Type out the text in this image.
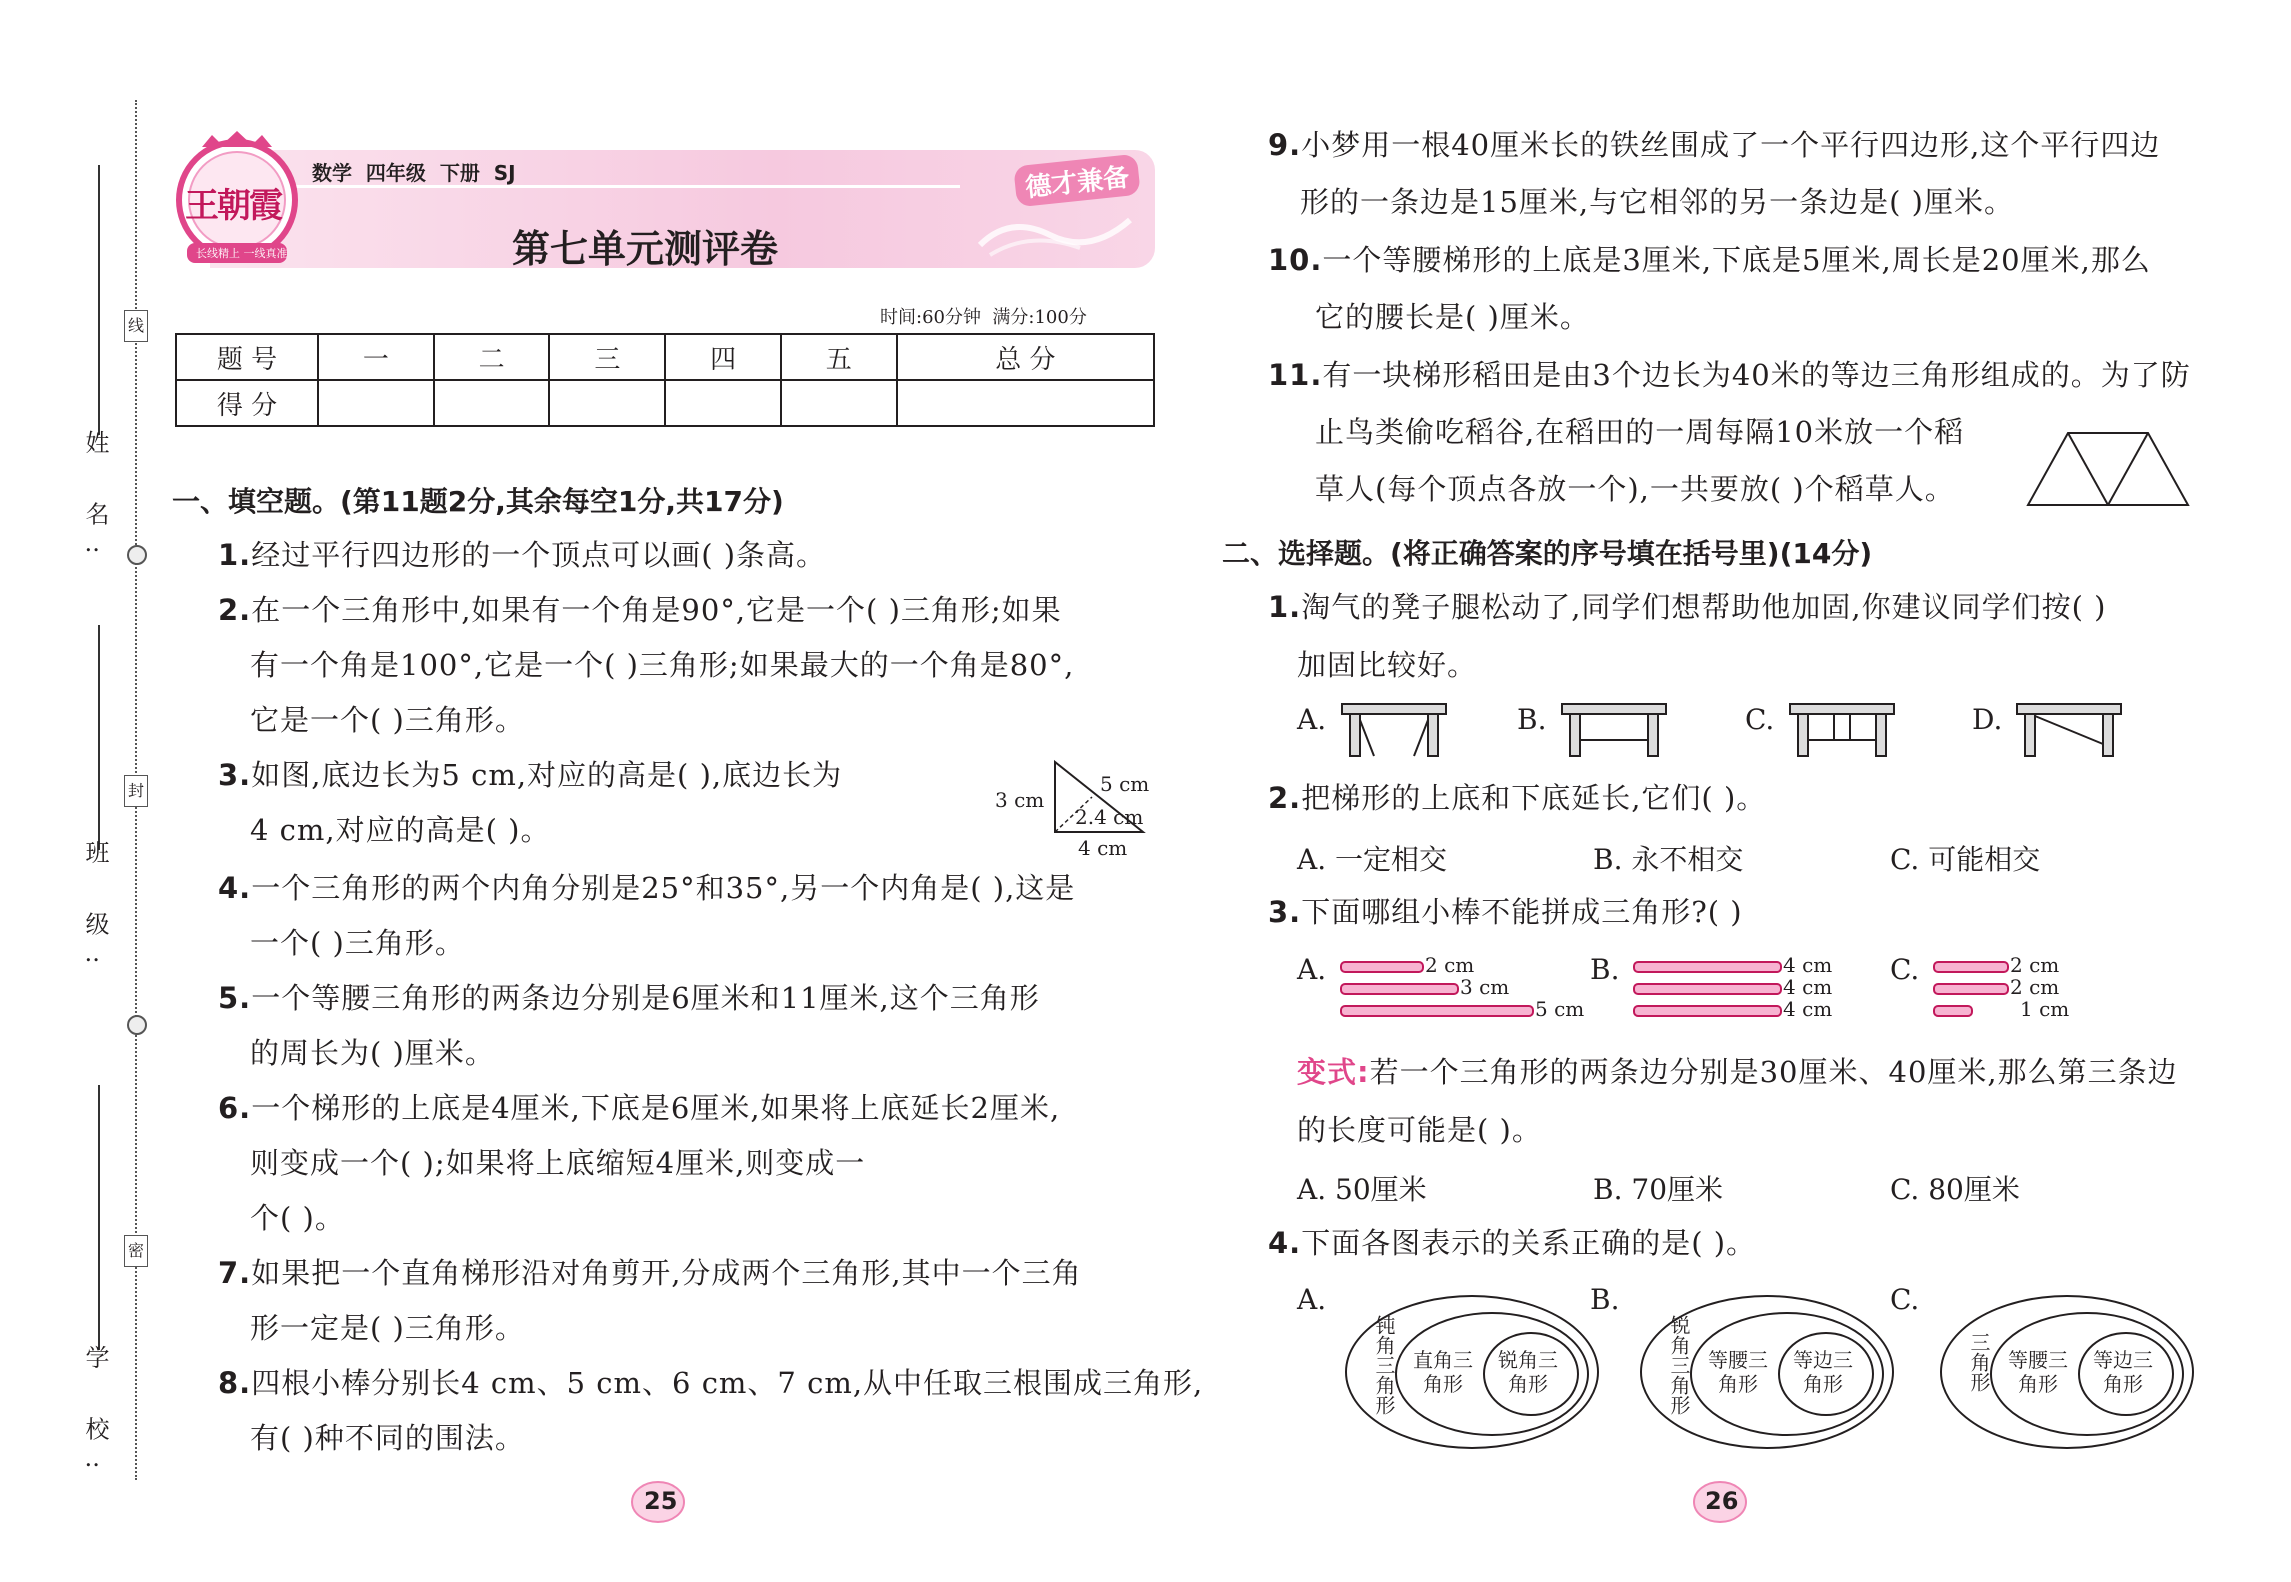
姓 名:
班 级:
学 校:
线
封
密
王朝霞
长线精上 一线真准
数学  四年级  下册  SJ	德才兼备
第七单元测评卷
时间:60分钟  满分:100分
题 号	一	二	三	四	五	总 分
得 分						
一、填空题。(第11题2分,其余每空1分,共17分)
1.经过平行四边形的一个顶点可以画( )条高。
2.在一个三角形中,如果有一个角是90°,它是一个( )三角形;如果
有一个角是100°,它是一个( )三角形;如果最大的一个角是80°,
它是一个( )三角形。
3.如图,底边长为5 cm,对应的高是( ),底边长为
4 cm,对应的高是( )。
3 cm
5 cm
2.4 cm
4 cm
4.一个三角形的两个内角分别是25°和35°,另一个内角是( ),这是
一个( )三角形。
5.一个等腰三角形的两条边分别是6厘米和11厘米,这个三角形
的周长为( )厘米。
6.一个梯形的上底是4厘米,下底是6厘米,如果将上底延长2厘米,
则变成一个( );如果将上底缩短4厘米,则变成一
个( )。
7.如果把一个直角梯形沿对角剪开,分成两个三角形,其中一个三角
形一定是( )三角形。
8.四根小棒分别长4 cm、5 cm、6 cm、7 cm,从中任取三根围成三角形,
有( )种不同的围法。
9.小梦用一根40厘米长的铁丝围成了一个平行四边形,这个平行四边
形的一条边是15厘米,与它相邻的另一条边是( )厘米。
10.一个等腰梯形的上底是3厘米,下底是5厘米,周长是20厘米,那么
它的腰长是( )厘米。
11.有一块梯形稻田是由3个边长为40米的等边三角形组成的。为了防
止鸟类偷吃稻谷,在稻田的一周每隔10米放一个稻
草人(每个顶点各放一个),一共要放( )个稻草人。
二、选择题。(将正确答案的序号填在括号里)(14分)
1.淘气的凳子腿松动了,同学们想帮助他加固,你建议同学们按( )
加固比较好。
A.	B.	C.	D.
2.把梯形的上底和下底延长,它们( )。
A. 一定相交	B. 永不相交	C. 可能相交
3.下面哪组小棒不能拼成三角形?( )
A.	2 cm
3 cm
5 cm
B.	4 cm
4 cm
4 cm
C.	2 cm
2 cm
1 cm
变式:若一个三角形的两条边分别是30厘米、40厘米,那么第三条边
的长度可能是( )。
A. 50厘米	B. 70厘米	C. 80厘米
4.下面各图表示的关系正确的是( )。
A.
钝角三角形 直角三角形
锐角三角形
B.
锐角三角形 等腰三角形
等边三角形
C.
三角形 等腰三角形
等边三角形
25	26
